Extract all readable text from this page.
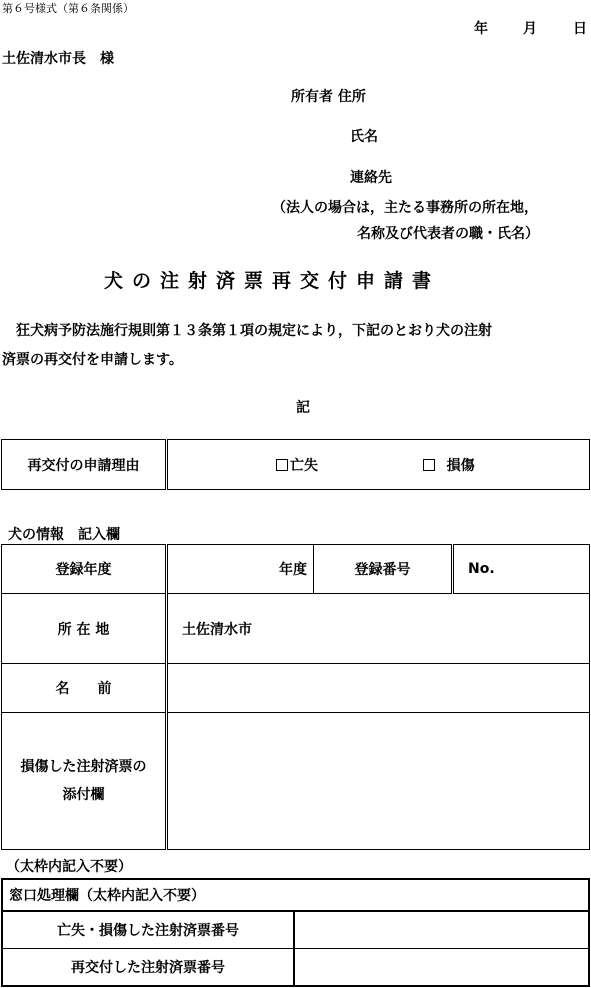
第６号様式（第６条関係）
年	月	日
土佐清水市長　様
所有者 住所
氏名
連絡先
（法人の場合は，主たる事務所の所在地，
名称及び代表者の職・氏名）
犬の注射済票再交付申請書
狂犬病予防法施行規則第１３条第１項の規定により，下記のとおり犬の注射
済票の再交付を申請します。
記
再交付の申請理由	亡失	損傷
犬の情報　記入欄
登録年度	年度	登録番号	No.
所 在 地	土佐清水市		
名　　前			
損傷した注射済票の
添付欄			
（太枠内記入不要）
窓口処理欄（太枠内記入不要）	
亡失・損傷した注射済票番号	
再交付した注射済票番号	
